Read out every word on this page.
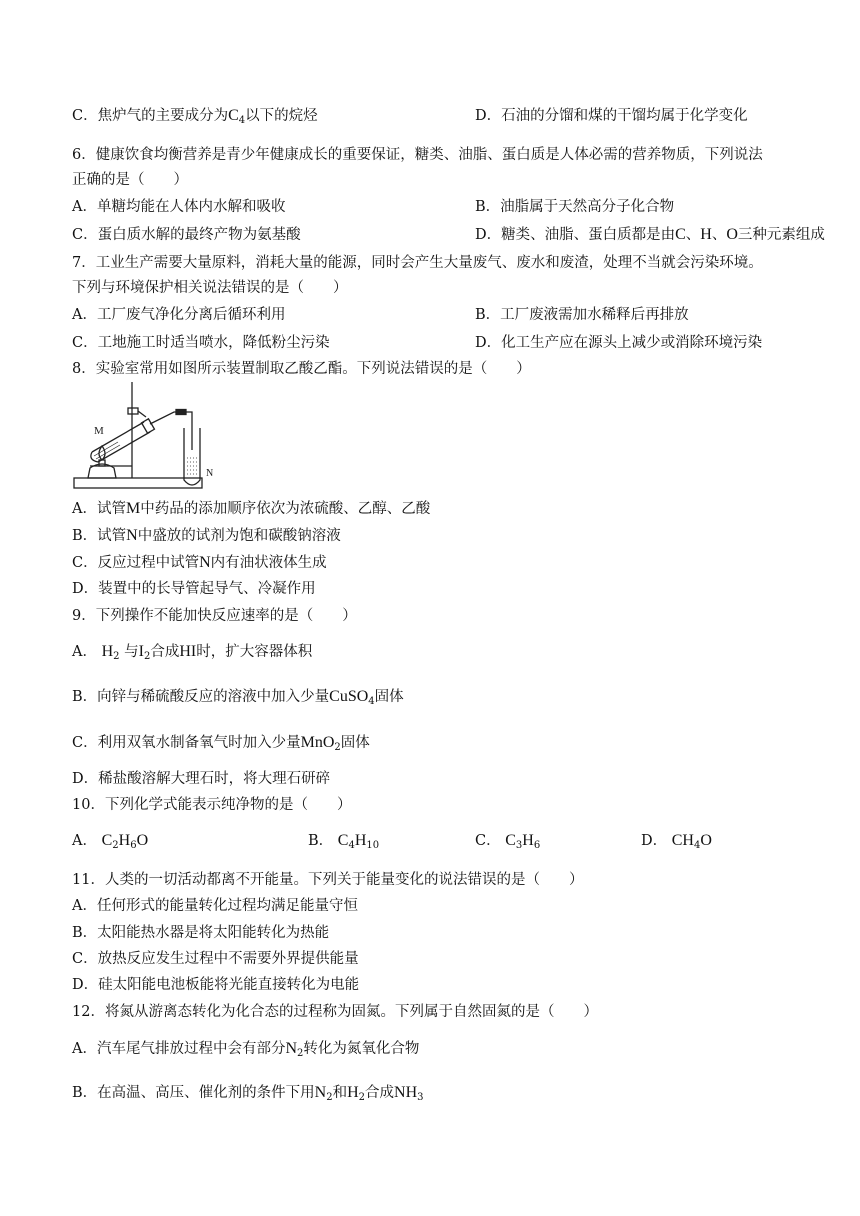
C．焦炉气的主要成分为$C_4$以下的烷烃	D．石油的分馏和煤的干馏均属于化学变化
6．健康饮食均衡营养是青少年健康成长的重要保证，糖类、油脂、蛋白质是人体必需的营养物质，下列说法
正确的是（　　）
A．单糖均能在人体内水解和吸收	B．油脂属于天然高分子化合物
C．蛋白质水解的最终产物为氨基酸	D．糖类、油脂、蛋白质都是由C、H、O三种元素组成
7．工业生产需要大量原料，消耗大量的能源，同时会产生大量废气、废水和废渣，处理不当就会污染环境。
下列与环境保护相关说法错误的是（　　）
A．工厂废气净化分离后循环利用	B．工厂废液需加水稀释后再排放
C．工地施工时适当喷水，降低粉尘污染	D．化工生产应在源头上减少或消除环境污染
8．实验室常用如图所示装置制取乙酸乙酯。下列说法错误的是（　　）
M
N
A．试管M中药品的添加顺序依次为浓硫酸、乙醇、乙酸
B．试管N中盛放的试剂为饱和碳酸钠溶液
C．反应过程中试管N内有油状液体生成
D．装置中的长导管起导气、冷凝作用
9．下列操作不能加快反应速率的是（　　）
A． $H_2$ 与$I_2$合成HI时，扩大容器体积
B．向锌与稀硫酸反应的溶液中加入少量CuSO$_4$固体
C．利用双氧水制备氧气时加入少量MnO$_2$固体
D．稀盐酸溶解大理石时，将大理石研碎
10．下列化学式能表示纯净物的是（　　）
A． $C_2H_6O$	B． $C_4H_{10}$	C． $C_3H_6$	D． $CH_4O$
11．人类的一切活动都离不开能量。下列关于能量变化的说法错误的是（　　）
A．任何形式的能量转化过程均满足能量守恒
B．太阳能热水器是将太阳能转化为热能
C．放热反应发生过程中不需要外界提供能量
D．硅太阳能电池板能将光能直接转化为电能
12．将氮从游离态转化为化合态的过程称为固氮。下列属于自然固氮的是（　　）
A．汽车尾气排放过程中会有部分$N_2$转化为氮氧化合物
B．在高温、高压、催化剂的条件下用$N_2$和$H_2$合成$NH_3$
